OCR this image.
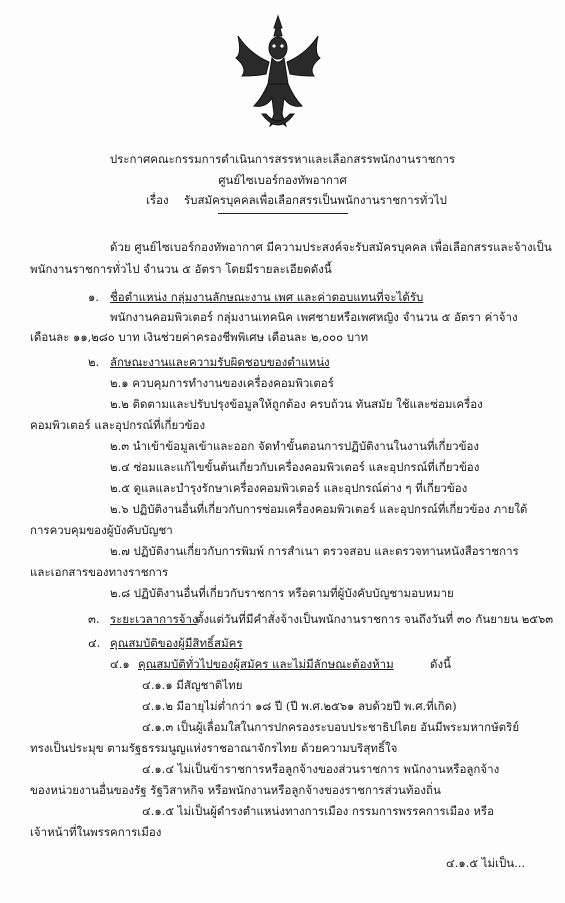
ประกาศคณะกรรมการดำเนินการสรรหาและเลือกสรรพนักงานราชการ
ศูนย์ไซเบอร์กองทัพอากาศ
เรื่อง รับสมัครบุคคลเพื่อเลือกสรรเป็นพนักงานราชการทั่วไป
ด้วย ศูนย์ไซเบอร์กองทัพอากาศ มีความประสงค์จะรับสมัครบุคคล เพื่อเลือกสรรและจ้างเป็น
พนักงานราชการทั่วไป จำนวน ๕ อัตรา โดยมีรายละเอียดดังนี้
๑. ชื่อตำแหน่ง กลุ่มงานลักษณะงาน เพศ และค่าตอบแทนที่จะได้รับ
พนักงานคอมพิวเตอร์ กลุ่มงานเทคนิค เพศชายหรือเพศหญิง จำนวน ๕ อัตรา ค่าจ้าง
เดือนละ ๑๑,๒๘๐ บาท เงินช่วยค่าครองชีพพิเศษ เดือนละ ๒,๐๐๐ บาท
๒. ลักษณะงานและความรับผิดชอบของตำแหน่ง
๒.๑ ควบคุมการทำงานของเครื่องคอมพิวเตอร์
๒.๒ ติดตามและปรับปรุงข้อมูลให้ถูกต้อง ครบถ้วน ทันสมัย ใช้และซ่อมเครื่อง
คอมพิวเตอร์ และอุปกรณ์ที่เกี่ยวข้อง
๒.๓ นำเข้าข้อมูลเข้าและออก จัดทำขั้นตอนการปฏิบัติงานในงานที่เกี่ยวข้อง
๒.๔ ซ่อมและแก้ไขขั้นต้นเกี่ยวกับเครื่องคอมพิวเตอร์ และอุปกรณ์ที่เกี่ยวข้อง
๒.๕ ดูแลและบำรุงรักษาเครื่องคอมพิวเตอร์ และอุปกรณ์ต่าง ๆ ที่เกี่ยวข้อง
๒.๖ ปฏิบัติงานอื่นที่เกี่ยวกับการซ่อมเครื่องคอมพิวเตอร์ และอุปกรณ์ที่เกี่ยวข้อง ภายใต้
การควบคุมของผู้บังคับบัญชา
๒.๗ ปฏิบัติงานเกี่ยวกับการพิมพ์ การสำเนา ตรวจสอบ และตรวจทานหนังสือราชการ
และเอกสารของทางราชการ
๒.๘ ปฏิบัติงานอื่นที่เกี่ยวกับราชการ หรือตามที่ผู้บังคับบัญชามอบหมาย
๓. ระยะเวลาการจ้าง
ตั้งแต่วันที่มีคำสั่งจ้างเป็นพนักงานราชการ จนถึงวันที่ ๓๐ กันยายน ๒๕๖๓
๔. คุณสมบัติของผู้มีสิทธิ์สมัคร
๔.๑ คุณสมบัติทั่วไปของผู้สมัคร และไม่มีลักษณะต้องห้าม	ดังนี้
๔.๑.๑ มีสัญชาติไทย
๔.๑.๒ มีอายุไม่ต่ำกว่า ๑๘ ปี (ปี พ.ศ.๒๕๖๑ ลบด้วยปี พ.ศ.ที่เกิด)
๔.๑.๓ เป็นผู้เลื่อมใสในการปกครองระบอบประชาธิปไตย อันมีพระมหากษัตริย์
ทรงเป็นประมุข ตามรัฐธรรมนูญแห่งราชอาณาจักรไทย ด้วยความบริสุทธิ์ใจ
๔.๑.๔ ไม่เป็นข้าราชการหรือลูกจ้างของส่วนราชการ พนักงานหรือลูกจ้าง
ของหน่วยงานอื่นของรัฐ รัฐวิสาหกิจ หรือพนักงานหรือลูกจ้างของราชการส่วนท้องถิ่น
๔.๑.๕ ไม่เป็นผู้ดำรงตำแหน่งทางการเมือง กรรมการพรรคการเมือง หรือ
เจ้าหน้าที่ในพรรคการเมือง
๔.๑.๕ ไม่เป็น...
